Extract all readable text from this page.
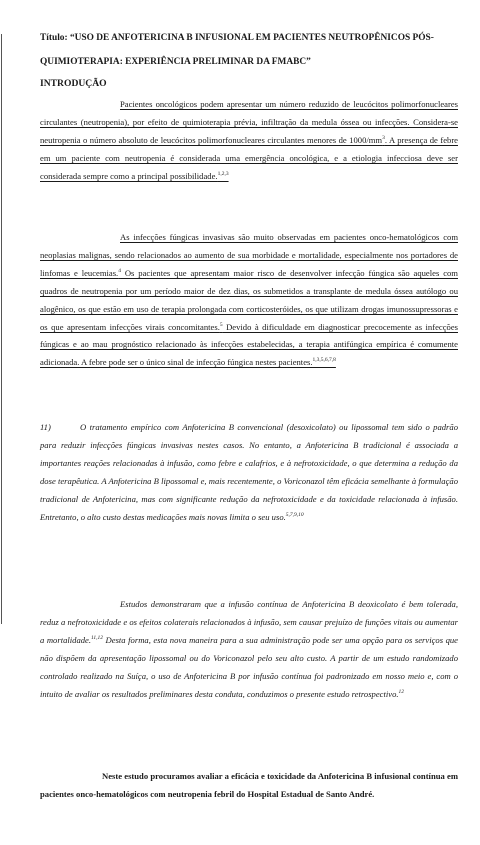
Título: “USO DE ANFOTERICINA B INFUSIONAL EM PACIENTES NEUTROPÊNICOS PÓS- QUIMIOTERAPIA: EXPERIÊNCIA PRELIMINAR DA FMABC”

INTRODUÇÃO

Pacientes oncológicos podem apresentar um número reduzido de leucócitos polimorfonucleares circulantes (neutropenia), por efeito de quimioterapia prévia, infiltração da medula óssea ou infecções. Considera-se neutropenia o número absoluto de leucócitos polimorfonucleares circulantes menores de $1000/mm^3$. A presença de febre em um paciente com neutropenia é considerada uma emergência oncológica, e a etiologia infecciosa deve ser considerada sempre como a principal possibilidade.$^{1,2,3}$

As infecções fúngicas invasivas são muito observadas em pacientes onco-hematológicos com neoplasias malignas, sendo relacionados ao aumento de sua morbidade e mortalidade, especialmente nos portadores de linfomas e leucemias.$^4$ Os pacientes que apresentam maior risco de desenvolver infecção fúngica são aqueles com quadros de neutropenia por um período maior de dez dias, os submetidos a transplante de medula óssea autólogo ou alogênico, os que estão em uso de terapia prolongada com corticosteróides, os que utilizam drogas imunossupressoras e os que apresentam infecções virais concomitantes.$^5$ Devido à dificuldade em diagnosticar precocemente as infecções fúngicas e ao mau prognóstico relacionado às infecções estabelecidas, a terapia antifúngica empírica é comumente adicionada. A febre pode ser o único sinal de infecção fúngica nestes pacientes.$^{1,3,5,6,7,8}$

11)	O tratamento empírico com Anfotericina B convencional (desoxicolato) ou lipossomal tem sido o padrão para reduzir infecções fúngicas invasivas nestes casos. No entanto, a Anfotericina B tradicional é associada a importantes reações relacionadas à infusão, como febre e calafrios, e à nefrotoxicidade, o que determina a redução da dose terapêutica. A Anfotericina B lipossomal e, mais recentemente, o Voriconazol têm eficácia semelhante à formulação tradicional de Anfotericina, mas com significante redução da nefrotoxicidade e da toxicidade relacionada à infusão. Entretanto, o alto custo destas medicações mais novas limita o seu uso.$^{5,7,9,10}$

Estudos demonstraram que a infusão contínua de Anfotericina B deoxicolato é bem tolerada, reduz a nefrotoxicidade e os efeitos colaterais relacionados à infusão, sem causar prejuízo de funções vitais ou aumentar a mortalidade.$^{11,12}$ Desta forma, esta nova maneira para a sua administração pode ser uma opção para os serviços que não dispõem da apresentação lipossomal ou do Voriconazol pelo seu alto custo. A partir de um estudo randomizado controlado realizado na Suíça, o uso de Anfotericina B por infusão contínua foi padronizado em nosso meio e, com o intuito de avaliar os resultados preliminares desta conduta, conduzimos o presente estudo retrospectivo.$^{12}$

Neste estudo procuramos avaliar a eficácia e toxicidade da Anfotericina B infusional contínua em pacientes onco-hematológicos com neutropenia febril do Hospital Estadual de Santo André.
